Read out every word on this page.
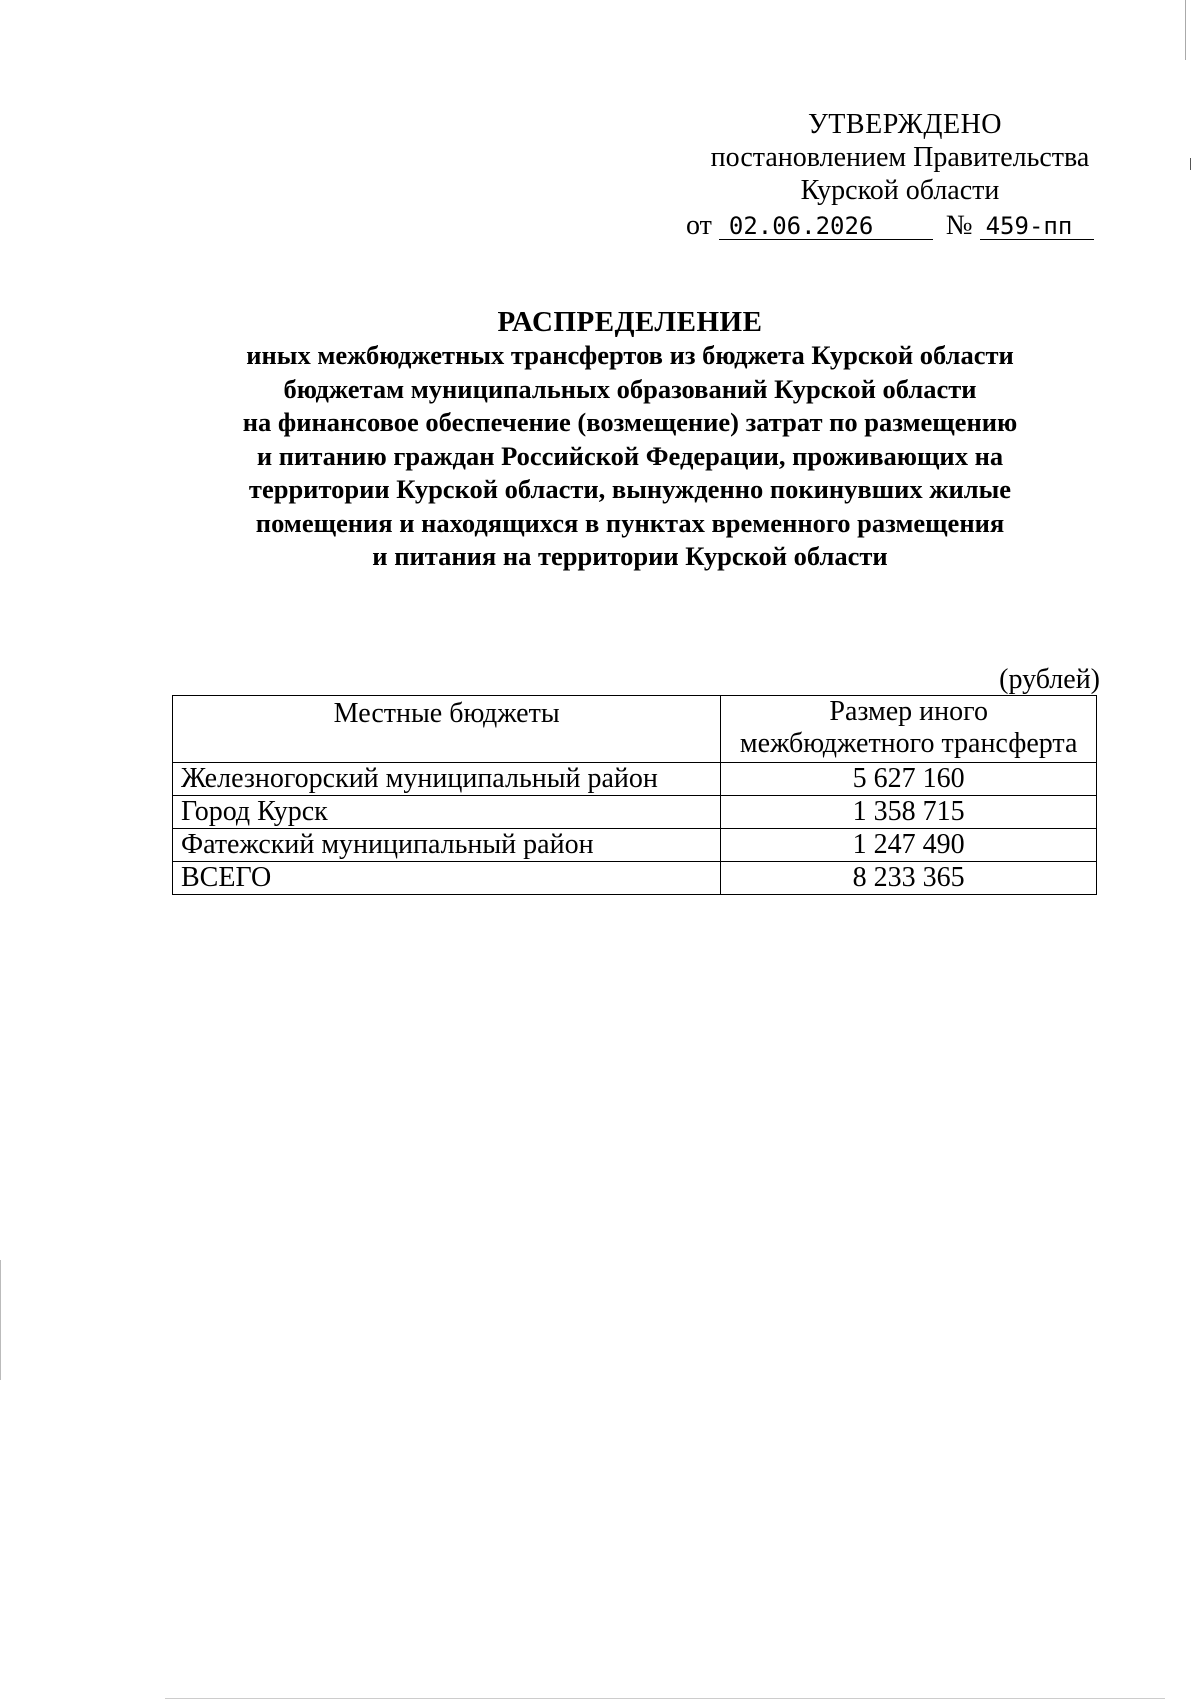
УТВЕРЖДЕНО
постановлением Правительства
Курской области
от 02.06.2026	№ 459-пп
РАСПРЕДЕЛЕНИЕ
иных межбюджетных трансфертов из бюджета Курской области
бюджетам муниципальных образований Курской области
на финансовое обеспечение (возмещение) затрат по размещению
и питанию граждан Российской Федерации, проживающих на
территории Курской области, вынужденно покинувших жилые
помещения и находящихся в пунктах временного размещения
и питания на территории Курской области
(рублей)
Местные бюджеты	Размер иного
межбюджетного трансферта

Железногорский муниципальный район	5 627 160
Город Курск	1 358 715
Фатежский муниципальный район	1 247 490
ВСЕГО	8 233 365
